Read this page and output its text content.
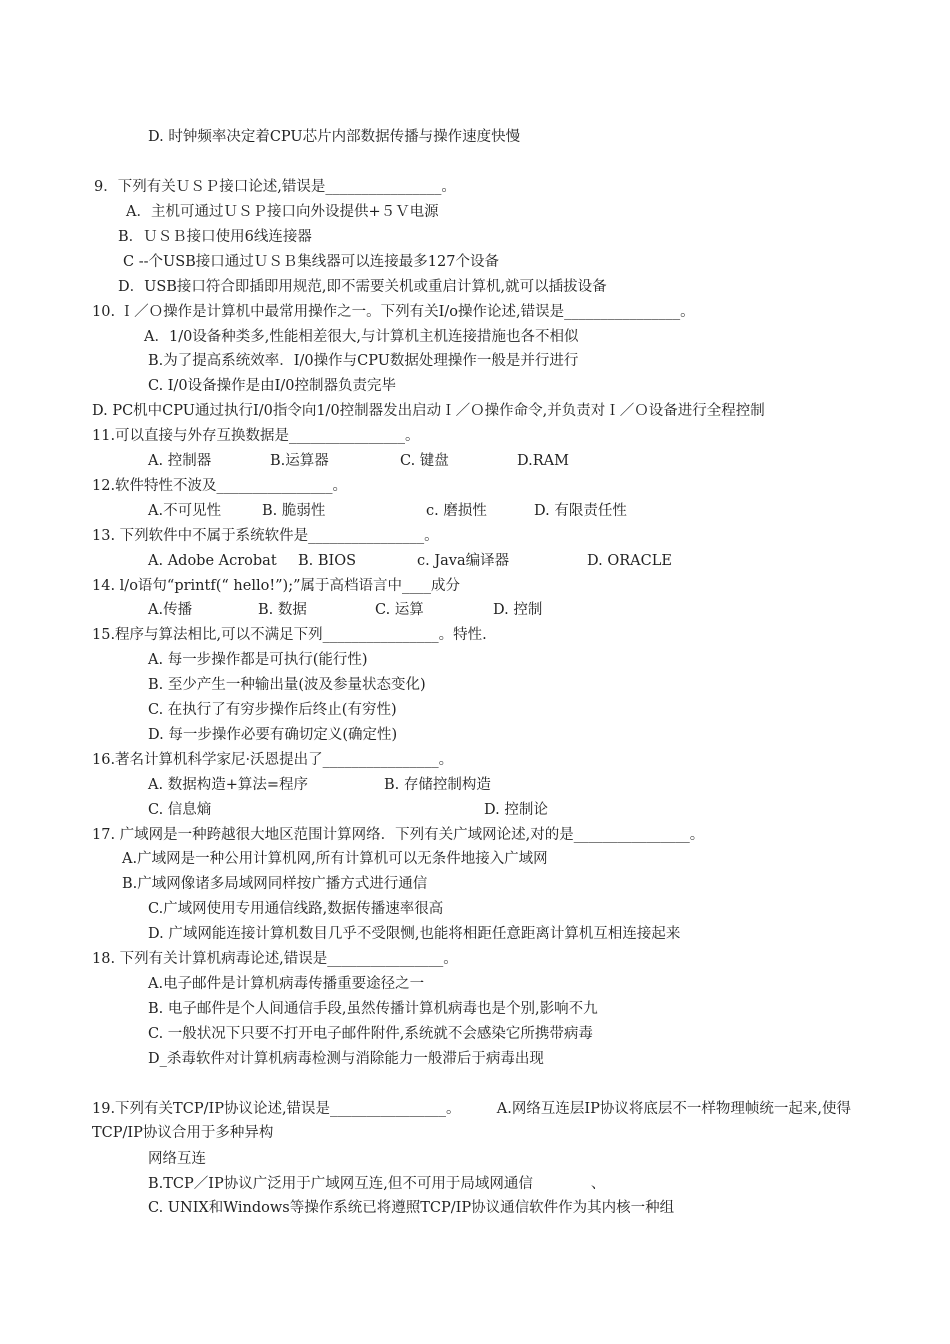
D. 时钟频率决定着CPU芯片内部数据传播与操作速度快慢
9．下列有关ＵＳＰ接口论述,错误是________________。
A．主机可通过ＵＳＰ接口向外设提供+５Ｖ电源
B．ＵＳＢ接口使用6线连接器
C --个USB接口通过ＵＳＢ集线器可以连接最多127个设备
D．USB接口符合即插即用规范,即不需要关机或重启计算机,就可以插拔设备
10. Ｉ／Ｏ操作是计算机中最常用操作之一。下列有关I/o操作论述,错误是________________。
A．1/0设备种类多,性能相差很大,与计算机主机连接措施也各不相似
B.为了提高系统效率．I/0操作与CPU数据处理操作一般是并行进行
C. I/0设备操作是由I/0控制器负责完毕
D. PC机中CPU通过执行I/0指令向1/0控制器发出启动Ｉ／Ｏ操作命令,并负责对Ｉ／Ｏ设备进行全程控制
11.可以直接与外存互换数据是________________。
A. 控制器	B.运算器	C. 键盘	D.RAM
12.软件特性不波及________________。
A.不可见性	B. 脆弱性	c. 磨损性	D. 有限责任性
13. 下列软件中不属于系统软件是________________。
A. Adobe Acrobat B. BIOS	c. Java编译器	D. ORACLE
14. l/o语句“printf(“ hello!”);”属于高档语言中____成分
A.传播	B. 数据	C. 运算	D. 控制
15.程序与算法相比,可以不满足下列________________。特性.
A. 每一步操作都是可执行(能行性)
B. 至少产生一种输出量(波及参量状态变化)
C. 在执行了有穷步操作后终止(有穷性)
D. 每一步操作必要有确切定义(确定性)
16.著名计算机科学家尼·沃恩提出了________________。
A. 数据构造+算法=程序	B. 存储控制构造
C. 信息熵	D. 控制论
17. 广域网是一种跨越很大地区范围计算网络．下列有关广域网论述,对的是________________。
A.广域网是一种公用计算机网,所有计算机可以无条件地接入广域网
B.广域网像诸多局域网同样按广播方式进行通信
C.广域网使用专用通信线路,数据传播速率很高
D. 广域网能连接计算机数目几乎不受限恻,也能将相距任意距离计算机互相连接起来
18. 下列有关计算机病毒论述,错误是________________。
A.电子邮件是计算机病毒传播重要途径之一
B. 电子邮件是个人间通信手段,虽然传播计算机病毒也是个别,影响不九
C. 一般状况下只要不打开电子邮件附件,系统就不会感染它所携带病毒
D_杀毒软件对计算机病毒检测与消除能力一般滞后于病毒出现
19.下列有关TCP/IP协议论述,错误是________________。　　　A.网络互连层IP协议将底层不一样物理帧统一起来,使得TCP/IP协议合用于多种异构
网络互连
B.TCP／IP协议广泛用于广域网互连,但不可用于局域网通信　　　　、
C. UNIX和Windows等操作系统已将遵照TCP/IP协议通信软件作为其内核一种组
